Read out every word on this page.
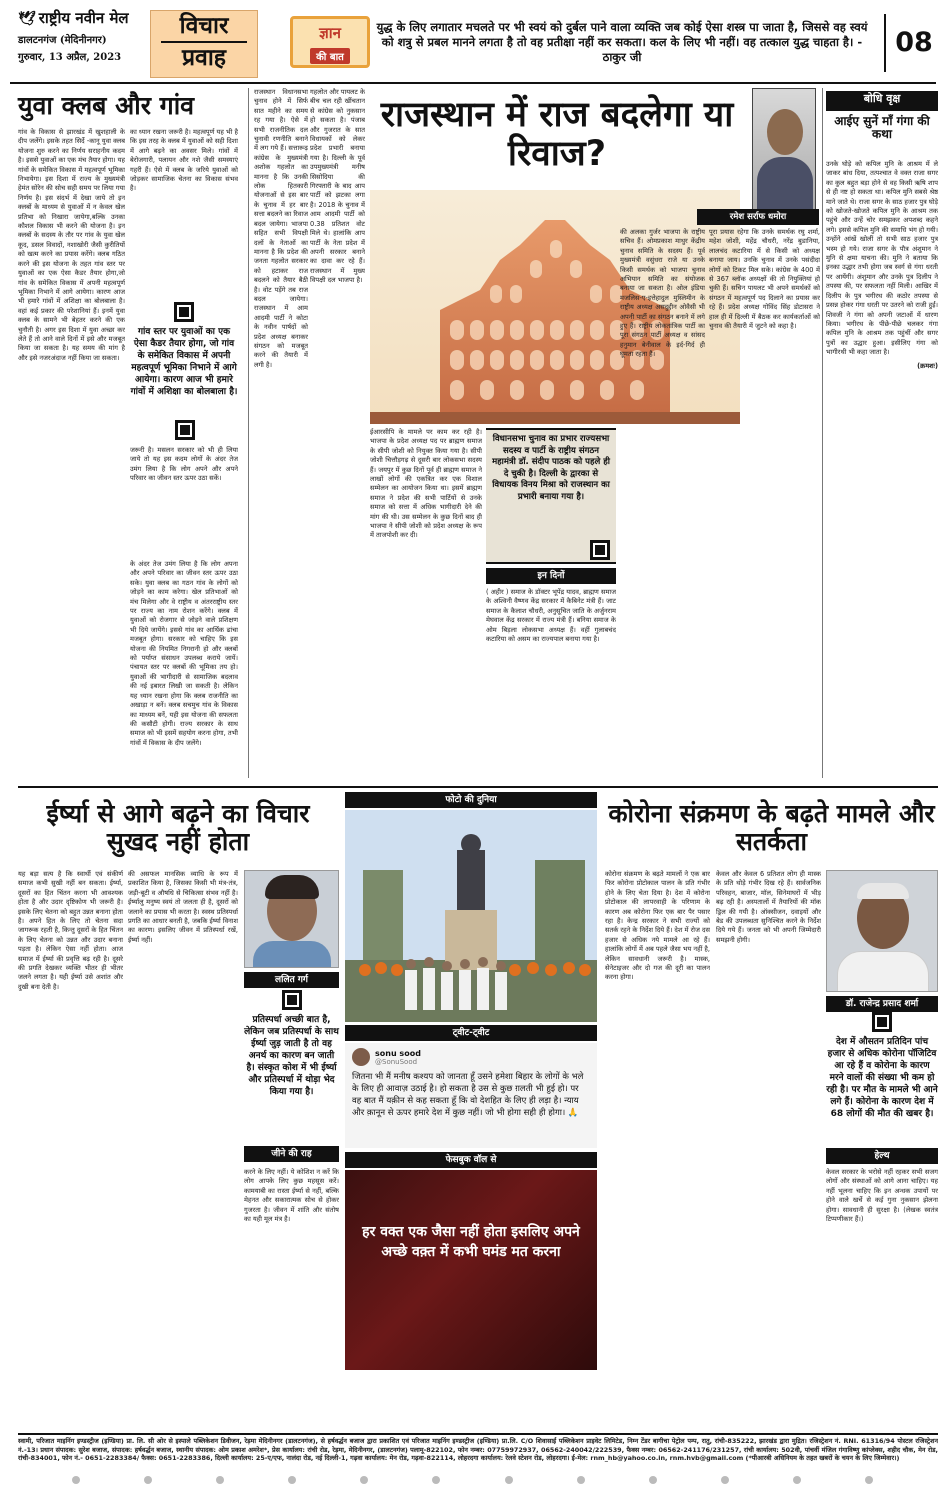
🕊 राष्ट्रीय नवीन मेल
डालटनगंज (मेदिनीनगर)
गुरुवार, 13 अप्रैल, 2023
विचार
प्रवाह
ज्ञान
की बात
युद्ध के लिए लगातार मचलते पर भी स्वयं को दुर्बल पाने वाला व्यक्ति जब कोई ऐसा शस्त्र पा जाता है, जिससे वह स्वयं को शत्रु से प्रबल मानने लगता है तो वह प्रतीक्षा नहीं कर सकता। कल के लिए भी नहीं। वह तत्काल युद्ध चाहता है। - ठाकुर जी	08
युवा क्लब और गांव
गांव के विकास से झारखंड में खुशहाली के दीप जलेंगे। इसके तहत सिर्दे -कानू युवा क्लब योजना शुरु करने का निर्णय सराहनीय कदम है। इससे युवाओं का एक मंच तैयार होगा। यह गांवों के समेकित विकास में महत्वपूर्ण भूमिका निभायेगा। इस दिशा में राज्य के मुख्यमंत्री हेमंत सोरेन की सोच सही समय पर लिया गया निर्णय है। इस संदर्भ में देखा जाये तो इन क्लबों के माध्यम से युवाओं में न केवल खेल प्रतिभा को निखारा जायेगा,बल्कि उनका कौशल विकास भी करने की योजना है। इन क्लबों के सदस्य के तौर पर गांव के युवा खेल कूद, डसल विवादों, नशाखोरी जैसी कुरीतियों को खत्म करने का प्रयास करेंगे। क्लब गठित करने की इस योजना के तहत गांव स्तर पर युवाओं का एक ऐसा कैडर तैयार होगा,जो गांव के समेकित विकास में अपनी महत्वपूर्ण भूमिका निभाने में आगे आयेगा। कारण आज भी हमारे गांवों में अशिक्षा का बोलबाला है। वहां कई प्रकार की परेशानियां हैं। इनमें युवा क्लब के सामने भी बेहतर करने की एक चुनौती है। अगर इस दिशा में युवा अच्छा कर लेते हैं तो आने वाले दिनों में इसे और मजबूत किया जा सकता है। यह समय की मांग है और इसे नजरअंदाज नहीं किया जा सकता।
का ध्यान रखना जरूरी है। महत्वपूर्ण यह भी है कि इस तरह के क्लब में युवाओं को सही दिशा में आगे बढ़ने का अवसर मिले। गांवों में बेरोजगारी, पलायन और नशे जैसी समस्याएं गहरी हैं। ऐसे में क्लब के जरिये युवाओं को जोड़कर सामाजिक चेतना का विकास संभव है।
गांव स्तर पर युवाओं का एक ऐसा कैडर तैयार होगा, जो गांव के समेकित विकास में अपनी महत्वपूर्ण भूमिका निभाने में आगे आयेगा। कारण आज भी हमारे गांवों में अशिक्षा का बोलबाला है।
जरूरी है। मसलन सरकार को भी ही लिया जाये तो यह इस कदम लोगों के अंदर तेज उमंग लिया है कि लोग अपने और अपने परिवार का जीवन स्तर ऊपर उठा सकें।
के अंदर तेज उमंग लिया है कि लोग अपना और अपने परिवार का जीवन स्तर ऊपर उठा सके। युवा क्लब का गठन गांव के लोगों को जोड़ने का काम करेगा। खेल प्रतिभाओं को मंच मिलेगा और वे राष्ट्रीय व अंतरराष्ट्रीय स्तर पर राज्य का नाम रोशन करेंगे। क्लब में युवाओं को रोजगार से जोड़ने वाले प्रशिक्षण भी दिये जायेंगे। इससे गांव का आर्थिक ढांचा मजबूत होगा। सरकार को चाहिए कि इस योजना की नियमित निगरानी हो और क्लबों को पर्याप्त संसाधन उपलब्ध कराये जायें। पंचायत स्तर पर क्लबों की भूमिका तय हो। युवाओं की भागीदारी से सामाजिक बदलाव की नई इबारत लिखी जा सकती है। लेकिन यह ध्यान रखना होगा कि क्लब राजनीति का अखाड़ा न बनें। क्लब सचमुच गांव के विकास का माध्यम बनें, यही इस योजना की सफलता की कसौटी होगी। राज्य सरकार के साथ समाज को भी इसमें सहयोग करना होगा, तभी गांवों में विकास के दीप जलेंगे।
राजस्थान विधानसभा चुनाव होने में सिर्फ सात महीने का समय रह गया है। ऐसे में सभी राजनीतिक दल चुनावी रणनीति बनाने में लग गये हैं। सत्तारूढ़ कांग्रेस के मुख्यमंत्री अशोक गहलोत का मानना है कि उनकी लोक हितकारी योजनाओं से इस बार के चुनाव में हर बार सत्ता बदलने का रिवाज बदल जायेगा। भाजपा सहित सभी विपक्षी दलों के नेताओं का मानना है कि प्रदेश की जनता गहलोत सरकार को हटाकर राज बदलने को तैयार बैठी है। वोट पड़ेंगे तब राज बदल जायेगा। राजस्थान में आम आदमी पार्टी ने कोटा के नवीन पार्षदों को प्रदेश अध्यक्ष बनाकर संगठन को मजबूत करने की तैयारी में लगी है।
गहलोत और पायलट के बीच चल रही खींचतान से कांग्रेस को नुकसान हो सकता है। पंजाब और गुजरात के सात विधायकों को लेकर प्रदेश प्रभारी बनाया गया है। दिल्ली के पूर्व उपमुख्यमंत्री मनीष सिसोदिया की गिरफ्तारी के बाद आप पार्टी को झटका लगा है। 2018 के चुनाव में आम आदमी पार्टी को 0.38 प्रतिशत वोट मिले थे। हालांकि आप पार्टी के नेता प्रदेश में अपनी सरकार बनाने का दावा कर रहे हैं। राजस्थान में मुख्य विपक्षी दल भाजपा है।
राजस्थान में राज बदलेगा या रिवाज?
रमेश सर्राफ धमोरा
ईआरसीपि के मामले पर काम कर रही है। भाजपा के प्रदेश अध्यक्ष पद पर ब्राह्मण समाज के सीपी जोशी को नियुक्त किया गया है। सीपी जोशी चित्तौड़गढ़ से दूसरी बार लोकसभा सदस्य हैं। जयपुर में कुछ दिनों पूर्व ही ब्राह्मण समाज ने लाखों लोगों की एकत्रित कर एक विशाल सम्मेलन का आयोजन किया था। इसमें ब्राह्मण समाज ने प्रदेश की सभी पार्टियों से उनके समाज को सत्ता में अधिक भागीदारी देने की मांग की थी। उस सम्मेलन के कुछ दिनों बाद ही भाजपा ने सीपी जोशी को प्रदेश अध्यक्ष के रूप में ताजपोशी कर दी।
विधानसभा चुनाव का प्रभार राज्यसभा सदस्य व पार्टी के राष्ट्रीय संगठन महामंत्री डॉ. संदीप पाठक को पहले ही दे चुकी है। दिल्ली के द्वारका से विधायक विनय मिश्रा को राजस्थान का प्रभारी बनाया गया है।
इन दिनों
( अहीर ) समाज के डॉक्टर भूपेंद्र यादव, ब्राह्मण समाज के अश्विनी वैष्णव केंद्र सरकार में कैबिनेट मंत्री हैं। जाट समाज के कैलाश चौधरी, अनुसूचित जाति के अर्जुनराम मेघवाल केंद्र सरकार में राज्य मंत्री हैं। बनिया समाज के ओम बिड़ला लोकसभा अध्यक्ष हैं। वहीं गुलाबचंद कटारिया को असम का राज्यपाल बनाया गया है।
की अलका गुर्जर भाजपा के राष्ट्रीय सचिव हैं। ओमप्रकाश माथुर केंद्रीय चुनाव समिति के सदस्य हैं। पूर्व मुख्यमंत्री वसुंधरा राजे या उनके किसी समर्थक को भाजपा चुनाव अभियान समिति का संयोजक बनाया जा सकता है। ओल इंडिया मजलिस-ए-इत्तेहादुल मुस्लिमीन के राष्ट्रीय अध्यक्ष असदुद्दीन ओवैसी भी अपनी पार्टी का संगठन बनाने में लगे हुए हैं। राष्ट्रीय लोकतांत्रिक पार्टी का पूरा संगठन पार्टी अध्यक्ष व सांसद हनुमान बेनीवाल के इर्द-गिर्द ही घूमता रहता है।
पूरा प्रयास रहेगा कि उनके समर्थक रघु शर्मा, महेश जोशी, महेंद्र चौधरी, नरेंद्र बुडानिया, लालचंद कटारिया में से किसी को अध्यक्ष बनाया जाय। उनकि चुनाव में उनके पसंदीदा लोगों को टिकट मिल सके। कांग्रेस के 400 में से 367 ब्लॉक अध्यक्षों की तो नियुक्तियां हो चुकी हैं। सचिन पायलट भी अपने समर्थकों को संगठन में महत्वपूर्ण पद दिलाने का प्रयास कर रहे हैं। प्रदेश अध्यक्ष गोविंद सिंह डोटासरा ने हाल ही में दिल्ली में बैठक कर कार्यकर्ताओं को चुनाव की तैयारी में जुटने को कहा है।
बोधि वृक्ष
आईए सुनें माँ गंगा की कथा
उनके घोड़े को कपिल मुनि के आश्रम में ले जाकर बांध दिया, तत्पश्चात वे वक्त राजा सगर का कुल बहुत बड़ा होने से वह किसी ऋषि शाप से ही नष्ट हो सकता था। कपिल मुनि सबसे श्रेष्ठ माने जाते थे। राजा सगर के साठ हजार पुत्र घोड़े को खोजते-खोजते कपिल मुनि के आश्रम तक पहुंचे और उन्हें चोर समझकर अपशब्द कहने लगे। इससे कपिल मुनि की समाधि भंग हो गयी। उन्होंने आंखें खोलीं तो सभी साठ हजार पुत्र भस्म हो गये। राजा सगर के पौत्र अंशुमान ने मुनि से क्षमा याचना की। मुनि ने बताया कि इनका उद्धार तभी होगा जब स्वर्ग से गंगा धरती पर आयेंगी। अंशुमान और उनके पुत्र दिलीप ने तपस्या की, पर सफलता नहीं मिली। आखिर में दिलीप के पुत्र भगीरथ की कठोर तपस्या से प्रसन्न होकर गंगा धरती पर उतरने को राजी हुईं। शिवजी ने गंगा को अपनी जटाओं में धारण किया। भगीरथ के पीछे-पीछे चलकर गंगा कपिल मुनि के आश्रम तक पहुंचीं और सगर पुत्रों का उद्धार हुआ। इसीलिए गंगा को भागीरथी भी कहा जाता है।
(क्रमशः)
ईर्ष्या से आगे बढ़ने का विचार सुखद नहीं होता
यह बड़ा सत्य है कि स्वार्थी एवं संकीर्ण समाज कभी सुखी नहीं बन सकता। ईर्ष्या, दूसरों का हित चिंतन करना भी आवश्यक होता है और उदार दृष्टिकोण भी जरूरी है। इसके लिए चेतना को बहुत उन्नत बनाना होता है। अपने हित के लिए तो चेतना सदा जागरूक रहती है, किन्तु दूसरों के हित चिंतन के लिए चेतना को उन्नत और उदार बनाना पड़ता है। लेकिन ऐसा नहीं होता। आज समाज में ईर्ष्या की प्रवृत्ति बढ़ रही है। दूसरे की प्रगति देखकर व्यक्ति भीतर ही भीतर जलने लगता है। यही ईर्ष्या उसे अशांत और दुखी बना देती है।
की असफल मानसिक व्याधि के रूप में प्रकाशित किया है, जिसका किसी भी मंत्र-तंत्र, जड़ी-बूटी व औषधि से चिकित्सा संभव नहीं है। ईर्ष्यालु मनुष्य स्वयं तो जलता ही है, दूसरों को जलाने का प्रयास भी करता है। स्वस्थ प्रतिस्पर्धा प्रगति का आधार बनती है, जबकि ईर्ष्या विनाश का कारण। इसलिए जीवन में प्रतिस्पर्धा रखें, ईर्ष्या नहीं।
ललित गर्ग
प्रतिस्पर्धा अच्छी बात है, लेकिन जब प्रतिस्पर्धा के साथ ईर्ष्या जुड़ जाती है तो वह अनर्थ का कारण बन जाती है। संस्कृत कोश में भी ईर्ष्या और प्रतिस्पर्धा में थोड़ा भेद किया गया है।
जीने की राह
करने के लिए नहीं। ये कोशिश न करें कि लोग आपके लिए कुछ महसूस करें। कामयाबी का रास्ता ईर्ष्या से नहीं, बल्कि मेहनत और सकारात्मक सोच से होकर गुजरता है। जीवन में शांति और संतोष का यही मूल मंत्र है।
फोटो की दुनिया
ट्वीट-ट्वीट
sonu sood
@SonuSood
जितना भी मैं मनीष कश्यप को जानता हूँ उसने हमेशा बिहार के लोगों के भले के लिए ही आवाज़ उठाई है। हो सकता है उस से कुछ ग़लती भी हुई हो। पर वह बात मैं यक़ीन से कह सकता हूँ कि वो देशहित के लिए ही लड़ा है। न्याय और क़ानून से ऊपर हमारे देश में कुछ नहीं। जो भी होगा सही ही होगा। 🙏
फेसबुक वॉल से
हर वक्त एक जैसा नहीं होता इसलिए अपने अच्छे वक़्त में कभी घमंड मत करना
कोरोना संक्रमण के बढ़ते मामले और सतर्कता
कोरोना संक्रमण के बढ़ते मामलों ने एक बार फिर कोरोना प्रोटोकाल पालन के प्रति गंभीर होने के लिए चेता दिया है। देश में कोरोना प्रोटोकाल की लापरवाही के परिणाम के कारण अब कोरोना फिर एक बार पैर पसार रहा है। केन्द्र सरकार ने सभी राज्यों को सतर्क रहने के निर्देश दिये हैं। देश में रोज दस हजार से अधिक नये मामले आ रहे हैं। हालांकि लोगों में अब पहले जैसा भय नहीं है, लेकिन सावधानी जरूरी है। मास्क, सेनेटाइजर और दो गज की दूरी का पालन करना होगा।
केवल और केवल 6 प्रतिशत लोग ही मास्क के प्रति थोड़े गंभीर दिख रहे हैं। सार्वजनिक परिवहन, बाजार, मॉल, सिनेमाघरों में भीड़ बढ़ रही है। अस्पतालों में तैयारियों की मॉक ड्रिल की गयी है। ऑक्सीजन, दवाइयों और बेड की उपलब्धता सुनिश्चित करने के निर्देश दिये गये हैं। जनता को भी अपनी जिम्मेदारी समझनी होगी।
डॉ. राजेन्द्र प्रसाद शर्मा
देश में औसतन प्रतिदिन पांच हजार से अधिक कोरोना पॉजिटिव आ रहे हैं व कोरोना के कारण मरने वालों की संख्या भी कम हो रही है। पर मौत के मामले भी आने लगे हैं। कोरोना के कारण देश में 68 लोगों की मौत की खबर है।
हेल्थ
केवल सरकार के भरोसे नहीं रहकर सभी सजग लोगों और संस्थाओं को आगे आना चाहिए। यह नहीं भूलना चाहिए कि इन अन्धक उपायों पर होने वाले खर्चे से कई गुना नुकसान झेलना होगा। सावधानी ही सुरक्षा है। (लेखक स्वतंत्र टिप्पणीकार हैं।)
स्वामी, परिजात माइनिंग इण्डस्ट्रीज (इण्डिया) प्रा. लि. सी ओर से इस्पाले पब्लिकेशन डिवीजन, रेड़मा मेदिनीनगर (डालटनगंज), से हर्षवर्द्धन बजाज द्वारा प्रकाशित एवं परिजात माइनिंग इण्डस्ट्रीज (इण्डिया) प्रा.लि. C/O शिवासाईं पब्लिकेशन प्राइवेट लिमिटेड, निम्न टेंडर बागीचा पेट्रोल पम्प, रातु, रांची-835222, झारखंड द्वारा मुद्रित। रजिस्ट्रेशन नं. RNI. 61316/94 पोस्टल रजिस्ट्रेशन नं.-13। प्रधान संपादक: सुरेश बजाज, संपादक: हर्षवर्द्धन बजाज, स्थानीय संपादक: ओम प्रकाश अमरेश*, प्रेस कार्यालय: रांची रोड, रेड़मा, मेदिनीनगर, (डालटनगंज) पलामू-822102, फोन नम्बर: 07759972937, 06562-240042/222539, फैक्स नम्बर: 06562-241176/231257, रांची कार्यालय: 502वी, पांचवीं मंजिल गंगाविष्णु कांप्लेक्स, शहीद चौक, मेन रोड, रांची-834001, फोन नं.- 0651-2283384/ फैक्स: 0651-2283386, दिल्ली कार्यालय: 25-ए/एफ, नालंदा रोड, नई दिल्ली-1, गढ़वा कार्यालय: मेन रोड, गढ़वा-822114, लोहरदगा कार्यालय: रेलवे स्टेशन रोड, लोहरदगा। ई-मेल: rnm_hb@yahoo.co.in, rnm.hvb@gmail.com (*पीआरबी अधिनियम के तहत खबरों के चयन के लिए जिम्मेवार।)
